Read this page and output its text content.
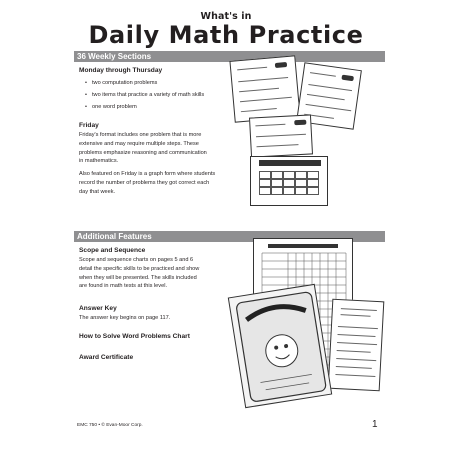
What's in
Daily Math Practice
36 Weekly Sections
Monday through Thursday
• two computation problems
• two items that practice a variety of math skills
• one word problem
Friday
Friday's format includes one problem that is more
extensive and may require multiple steps. These
problems emphasize reasoning and communication
in mathematics.
Also featured on Friday is a graph form where students
record the number of problems they got correct each
day that week.
Additional Features
Scope and Sequence
Scope and sequence charts on pages 5 and 6
detail the specific skills to be practiced and show
when they will be presented. The skills included
are found in math tests at this level.
Answer Key
The answer key begins on page 117.
How to Solve Word Problems Chart
Award Certificate
EMC 750 • © Evan-Moor Corp.	1
